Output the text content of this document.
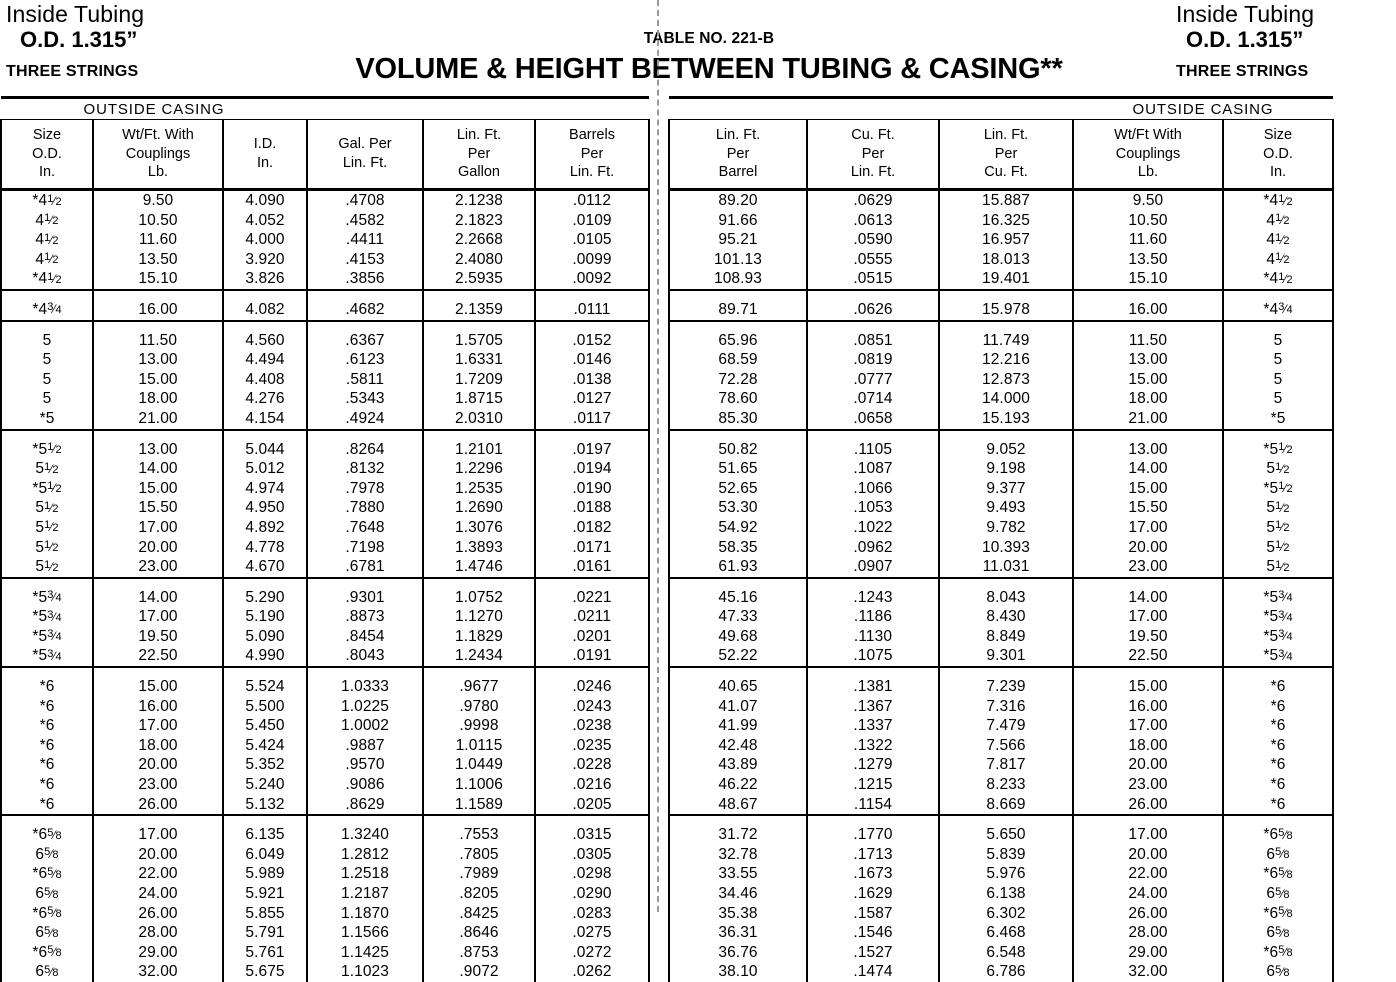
Inside Tubing
O.D. 1.315”
THREE STRINGS
TABLE NO. 221-B
VOLUME & HEIGHT BETWEEN TUBING & CASING**
Inside Tubing
O.D. 1.315”
THREE STRINGS
OUTSIDE CASING					

Size
O.D.
In.

Wt/Ft. With
Couplings
Lb.

I.D.
In.

Gal. Per
Lin. Ft.

Lin. Ft.
Per
Gallon

Barrels
Per
Lin. Ft.

$*4^1⁄2$	9.50	4.090	.4708	2.1238	.0112
$4^1⁄2$	10.50	4.052	.4582	2.1823	.0109
$4^1⁄2$	11.60	4.000	.4411	2.2668	.0105
$4^1⁄2$	13.50	3.920	.4153	2.4080	.0099
$*4^1⁄2$	15.10	3.826	.3856	2.5935	.0092

$*4^3⁄4$	16.00	4.082	.4682	2.1359	.0111

5	11.50	4.560	.6367	1.5705	.0152
5	13.00	4.494	.6123	1.6331	.0146
5	15.00	4.408	.5811	1.7209	.0138
5	18.00	4.276	.5343	1.8715	.0127
*5	21.00	4.154	.4924	2.0310	.0117

$*5^1⁄2$	13.00	5.044	.8264	1.2101	.0197
$5^1⁄2$	14.00	5.012	.8132	1.2296	.0194
$*5^1⁄2$	15.00	4.974	.7978	1.2535	.0190
$5^1⁄2$	15.50	4.950	.7880	1.2690	.0188
$5^1⁄2$	17.00	4.892	.7648	1.3076	.0182
$5^1⁄2$	20.00	4.778	.7198	1.3893	.0171
$5^1⁄2$	23.00	4.670	.6781	1.4746	.0161

$*5^3⁄4$	14.00	5.290	.9301	1.0752	.0221
$*5^3⁄4$	17.00	5.190	.8873	1.1270	.0211
$*5^3⁄4$	19.50	5.090	.8454	1.1829	.0201
$*5^3⁄4$	22.50	4.990	.8043	1.2434	.0191

*6	15.00	5.524	1.0333	.9677	.0246
*6	16.00	5.500	1.0225	.9780	.0243
*6	17.00	5.450	1.0002	.9998	.0238
*6	18.00	5.424	.9887	1.0115	.0235
*6	20.00	5.352	.9570	1.0449	.0228
*6	23.00	5.240	.9086	1.1006	.0216
*6	26.00	5.132	.8629	1.1589	.0205

$*6^5⁄8$	17.00	6.135	1.3240	.7553	.0315
$6^5⁄8$	20.00	6.049	1.2812	.7805	.0305
$*6^5⁄8$	22.00	5.989	1.2518	.7989	.0298
$6^5⁄8$	24.00	5.921	1.2187	.8205	.0290
$*6^5⁄8$	26.00	5.855	1.1870	.8425	.0283
$6^5⁄8$	28.00	5.791	1.1566	.8646	.0275
$*6^5⁄8$	29.00	5.761	1.1425	.8753	.0272
$6^5⁄8$	32.00	5.675	1.1023	.9072	.0262
			OUTSIDE CASING	

Lin. Ft.
Per
Barrel

Cu. Ft.
Per
Lin. Ft.

Lin. Ft.
Per
Cu. Ft.

Wt/Ft With
Couplings
Lb.

Size
O.D.
In.

89.20	.0629	15.887	9.50	$*4^1⁄2$
91.66	.0613	16.325	10.50	$4^1⁄2$
95.21	.0590	16.957	11.60	$4^1⁄2$
101.13	.0555	18.013	13.50	$4^1⁄2$
108.93	.0515	19.401	15.10	$*4^1⁄2$

89.71	.0626	15.978	16.00	$*4^3⁄4$

65.96	.0851	11.749	11.50	5
68.59	.0819	12.216	13.00	5
72.28	.0777	12.873	15.00	5
78.60	.0714	14.000	18.00	5
85.30	.0658	15.193	21.00	*5

50.82	.1105	9.052	13.00	$*5^1⁄2$
51.65	.1087	9.198	14.00	$5^1⁄2$
52.65	.1066	9.377	15.00	$*5^1⁄2$
53.30	.1053	9.493	15.50	$5^1⁄2$
54.92	.1022	9.782	17.00	$5^1⁄2$
58.35	.0962	10.393	20.00	$5^1⁄2$
61.93	.0907	11.031	23.00	$5^1⁄2$

45.16	.1243	8.043	14.00	$*5^3⁄4$
47.33	.1186	8.430	17.00	$*5^3⁄4$
49.68	.1130	8.849	19.50	$*5^3⁄4$
52.22	.1075	9.301	22.50	$*5^3⁄4$

40.65	.1381	7.239	15.00	*6
41.07	.1367	7.316	16.00	*6
41.99	.1337	7.479	17.00	*6
42.48	.1322	7.566	18.00	*6
43.89	.1279	7.817	20.00	*6
46.22	.1215	8.233	23.00	*6
48.67	.1154	8.669	26.00	*6

31.72	.1770	5.650	17.00	$*6^5⁄8$
32.78	.1713	5.839	20.00	$6^5⁄8$
33.55	.1673	5.976	22.00	$*6^5⁄8$
34.46	.1629	6.138	24.00	$6^5⁄8$
35.38	.1587	6.302	26.00	$*6^5⁄8$
36.31	.1546	6.468	28.00	$6^5⁄8$
36.76	.1527	6.548	29.00	$*6^5⁄8$
38.10	.1474	6.786	32.00	$6^5⁄8$
